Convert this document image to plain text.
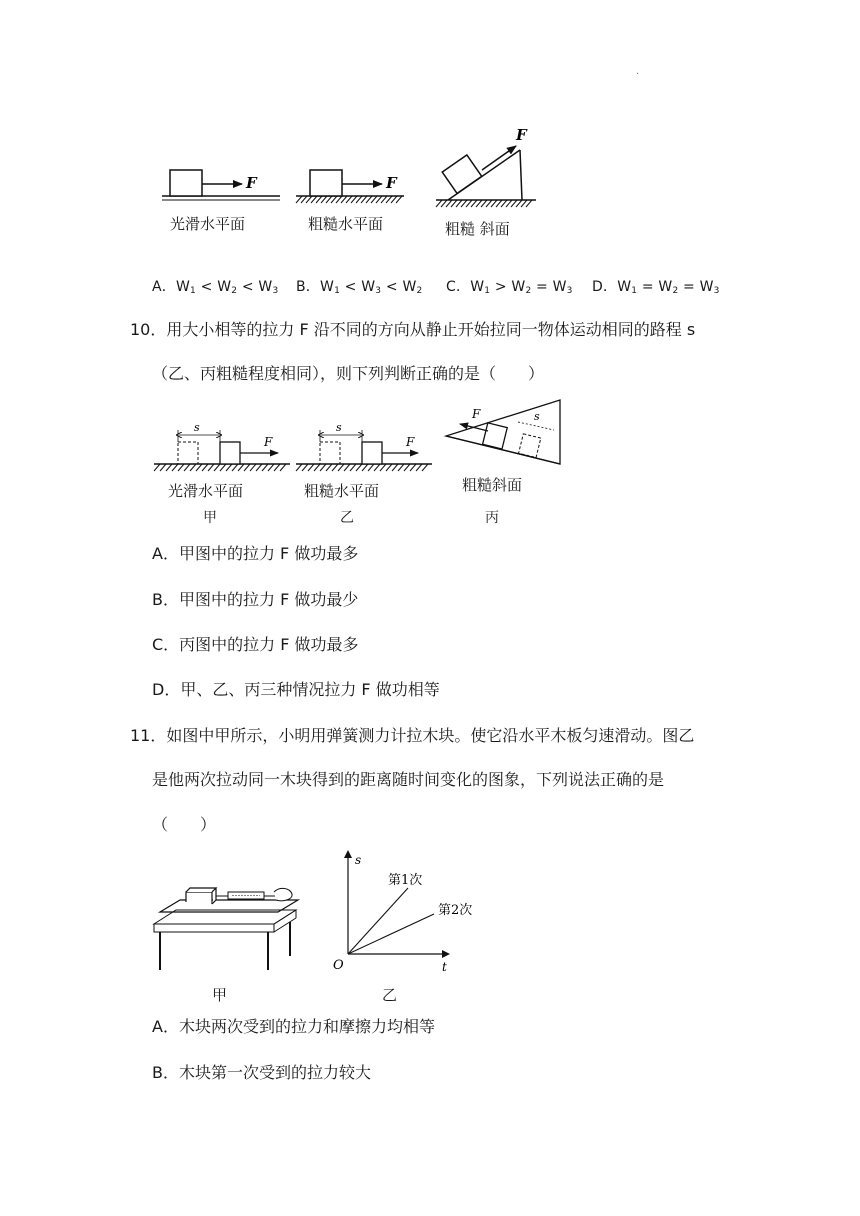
.
F	F
F
光滑水平面	粗糙水平面	粗糙 斜面
A．$W_1 < W_2 < W_3$ B．$W_1 < W_3 < W_2$ C．$W_1 > W_2 = W_3$ D．$W_1 = W_2 = W_3$
10．用大小相等的拉力 F 沿不同的方向从静止开始拉同一物体运动相同的路程 s
（乙、丙粗糙程度相同），则下列判断正确的是（　　）
s
F
s
F
F	s
光滑水平面	粗糙水平面	粗糙斜面
甲	乙	丙
A．甲图中的拉力 F 做功最多
B．甲图中的拉力 F 做功最少
C．丙图中的拉力 F 做功最多
D．甲、乙、丙三种情况拉力 F 做功相等
11．如图中甲所示，小明用弹簧测力计拉木块。使它沿水平木板匀速滑动。图乙
是他两次拉动同一木块得到的距离随时间变化的图象，下列说法正确的是
（　　）
s
t
O
第1次
第2次
甲	乙
A．木块两次受到的拉力和摩擦力均相等
B．木块第一次受到的拉力较大
